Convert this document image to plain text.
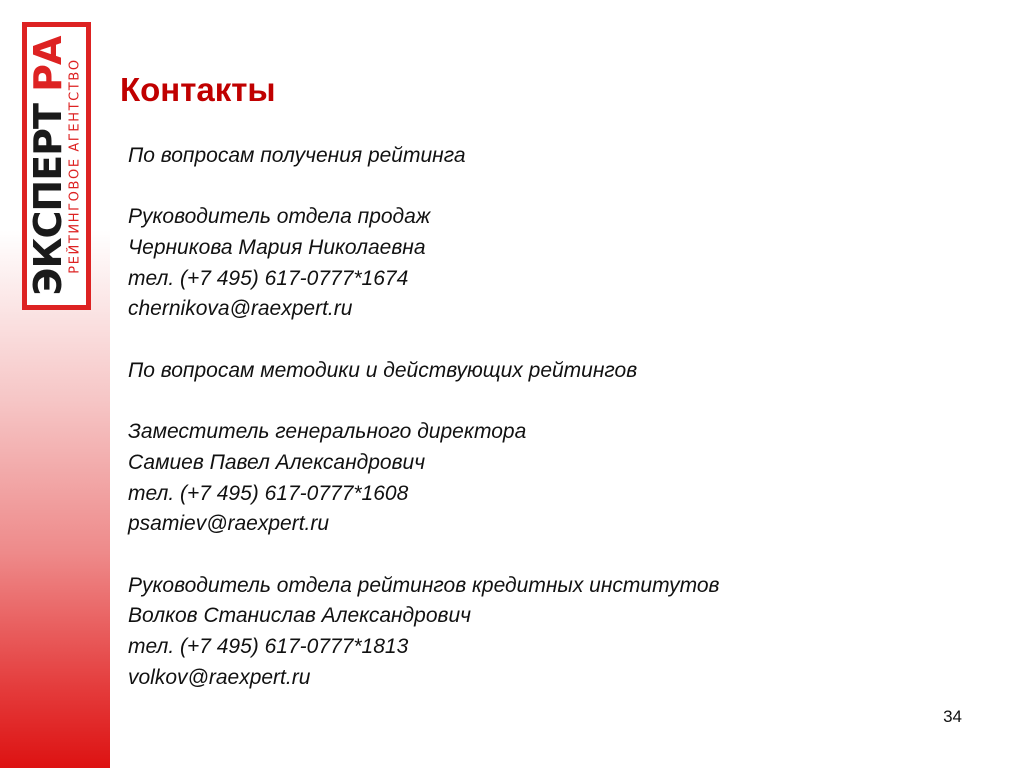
ЭКСПЕРТ РА
РЕЙТИНГОВОЕ АГЕНТСТВО Контакты
По вопросам получения рейтинга
Руководитель отдела продаж
Черникова Мария Николаевна
тел. (+7 495) 617-0777*1674
chernikova@raexpert.ru
По вопросам методики и действующих рейтингов
Заместитель генерального директора
Самиев Павел Александрович
тел. (+7 495) 617-0777*1608
psamiev@raexpert.ru
Руководитель отдела рейтингов кредитных институтов
Волков Станислав Александрович
тел. (+7 495) 617-0777*1813
volkov@raexpert.ru
34
